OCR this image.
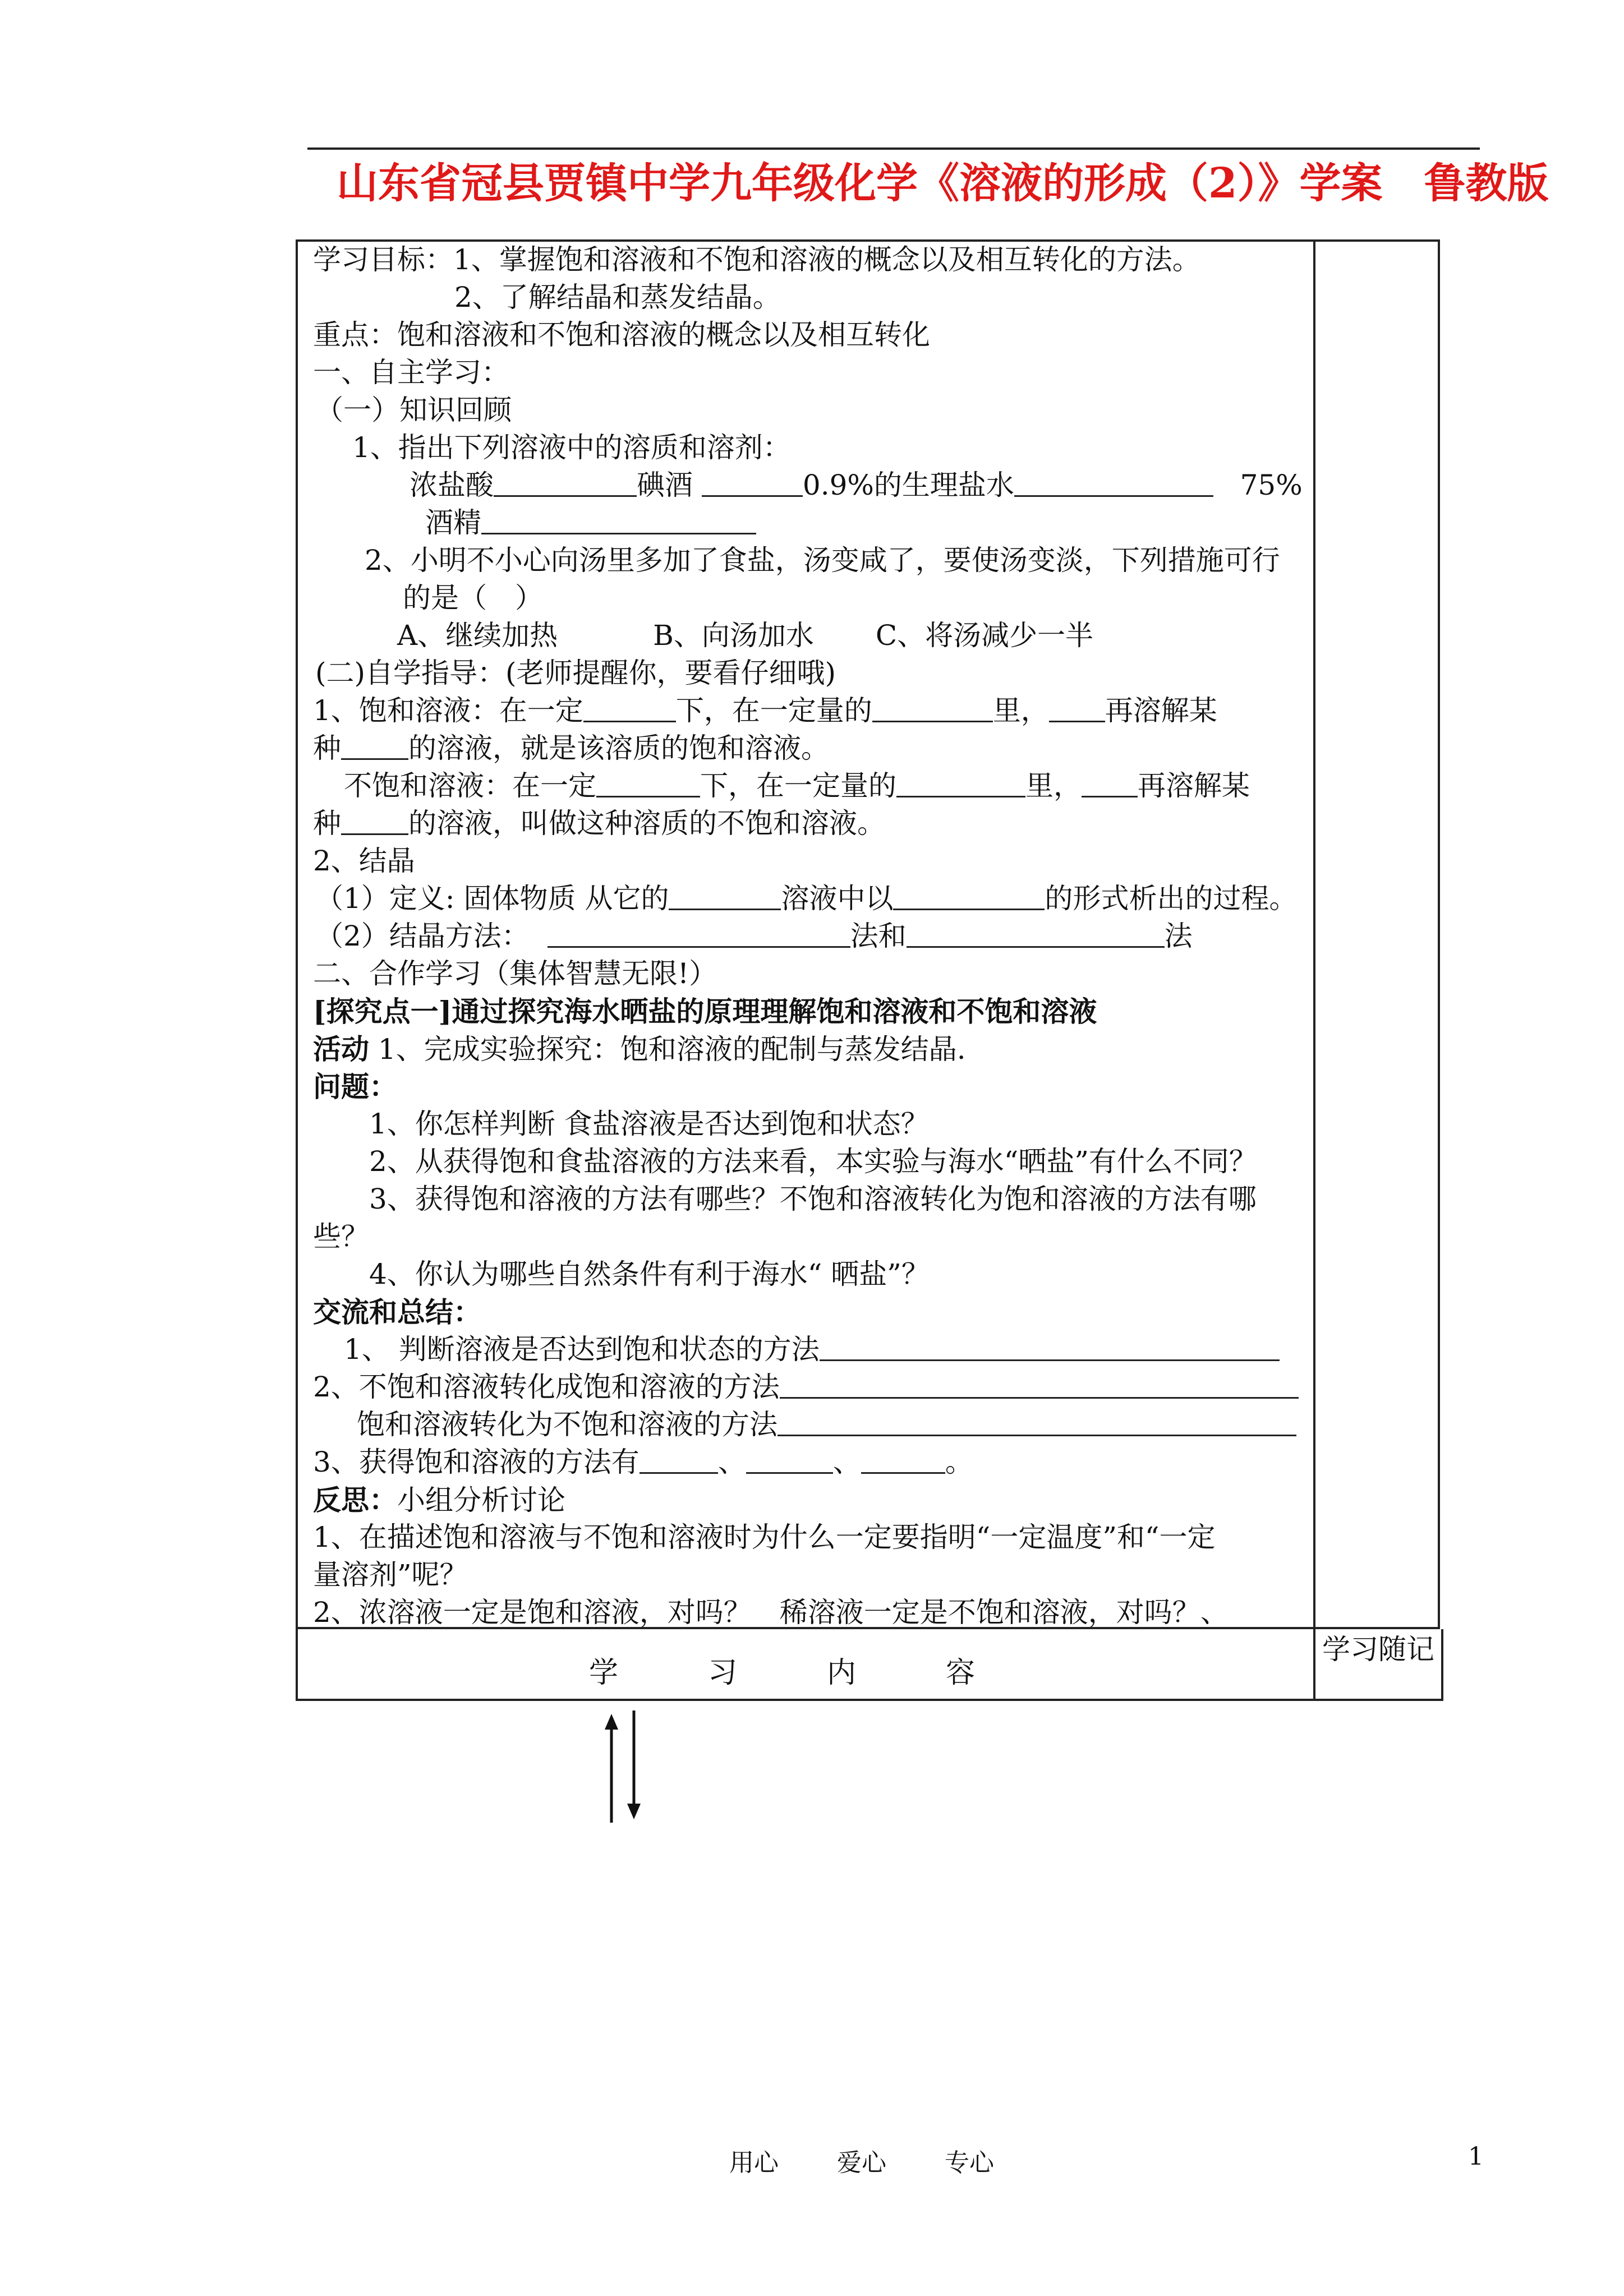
山东省冠县贾镇中学九年级化学《溶液的形成（2）》学案　鲁教版
学习内容
学习随记
学习目标：1、掌握饱和溶液和不饱和溶液的概念以及相互转化的方法。
2、了解结晶和蒸发结晶。
重点：饱和溶液和不饱和溶液的概念以及相互转化
一、自主学习：
（一）知识回顾
1、指出下列溶液中的溶质和溶剂：
浓盐酸	碘酒	0.9%的生理盐水	75%
酒精
2、小明不小心向汤里多加了食盐，汤变咸了，要使汤变淡，下列措施可行
的是（　）
A、继续加热	B、向汤加水 C、将汤减少一半
(二)自学指导：(老师提醒你，要看仔细哦)
1、饱和溶液：在一定	下，在一定量的	里， 再溶解某
种 的溶液，就是该溶质的饱和溶液。
不饱和溶液：在一定	下，在一定量的	里， 再溶解某
种 的溶液，叫做这种溶质的不饱和溶液。
2、结晶
（1）定义: 固体物质 从它的	溶液中以	的形式析出的过程。
（2）结晶方法：	法和	法
二、合作学习（集体智慧无限!）
[探究点一]通过探究海水晒盐的原理理解饱和溶液和不饱和溶液
活动 1、完成实验探究：饱和溶液的配制与蒸发结晶.
问题：
1、你怎样判断 食盐溶液是否达到饱和状态？
2、从获得饱和食盐溶液的方法来看，本实验与海水“晒盐”有什么不同？
3、获得饱和溶液的方法有哪些？不饱和溶液转化为饱和溶液的方法有哪
些？
4、你认为哪些自然条件有利于海水“ 晒盐”？
交流和总结：
1、 判断溶液是否达到饱和状态的方法
2、不饱和溶液转化成饱和溶液的方法
饱和溶液转化为不饱和溶液的方法
3、获得饱和溶液的方法有	、	、	。
反思：小组分析讨论
1、在描述饱和溶液与不饱和溶液时为什么一定要指明“一定温度”和“一定
量溶剂”呢？
2、浓溶液一定是饱和溶液，对吗？　稀溶液一定是不饱和溶液，对吗？、
用心 爱心 专心	1
